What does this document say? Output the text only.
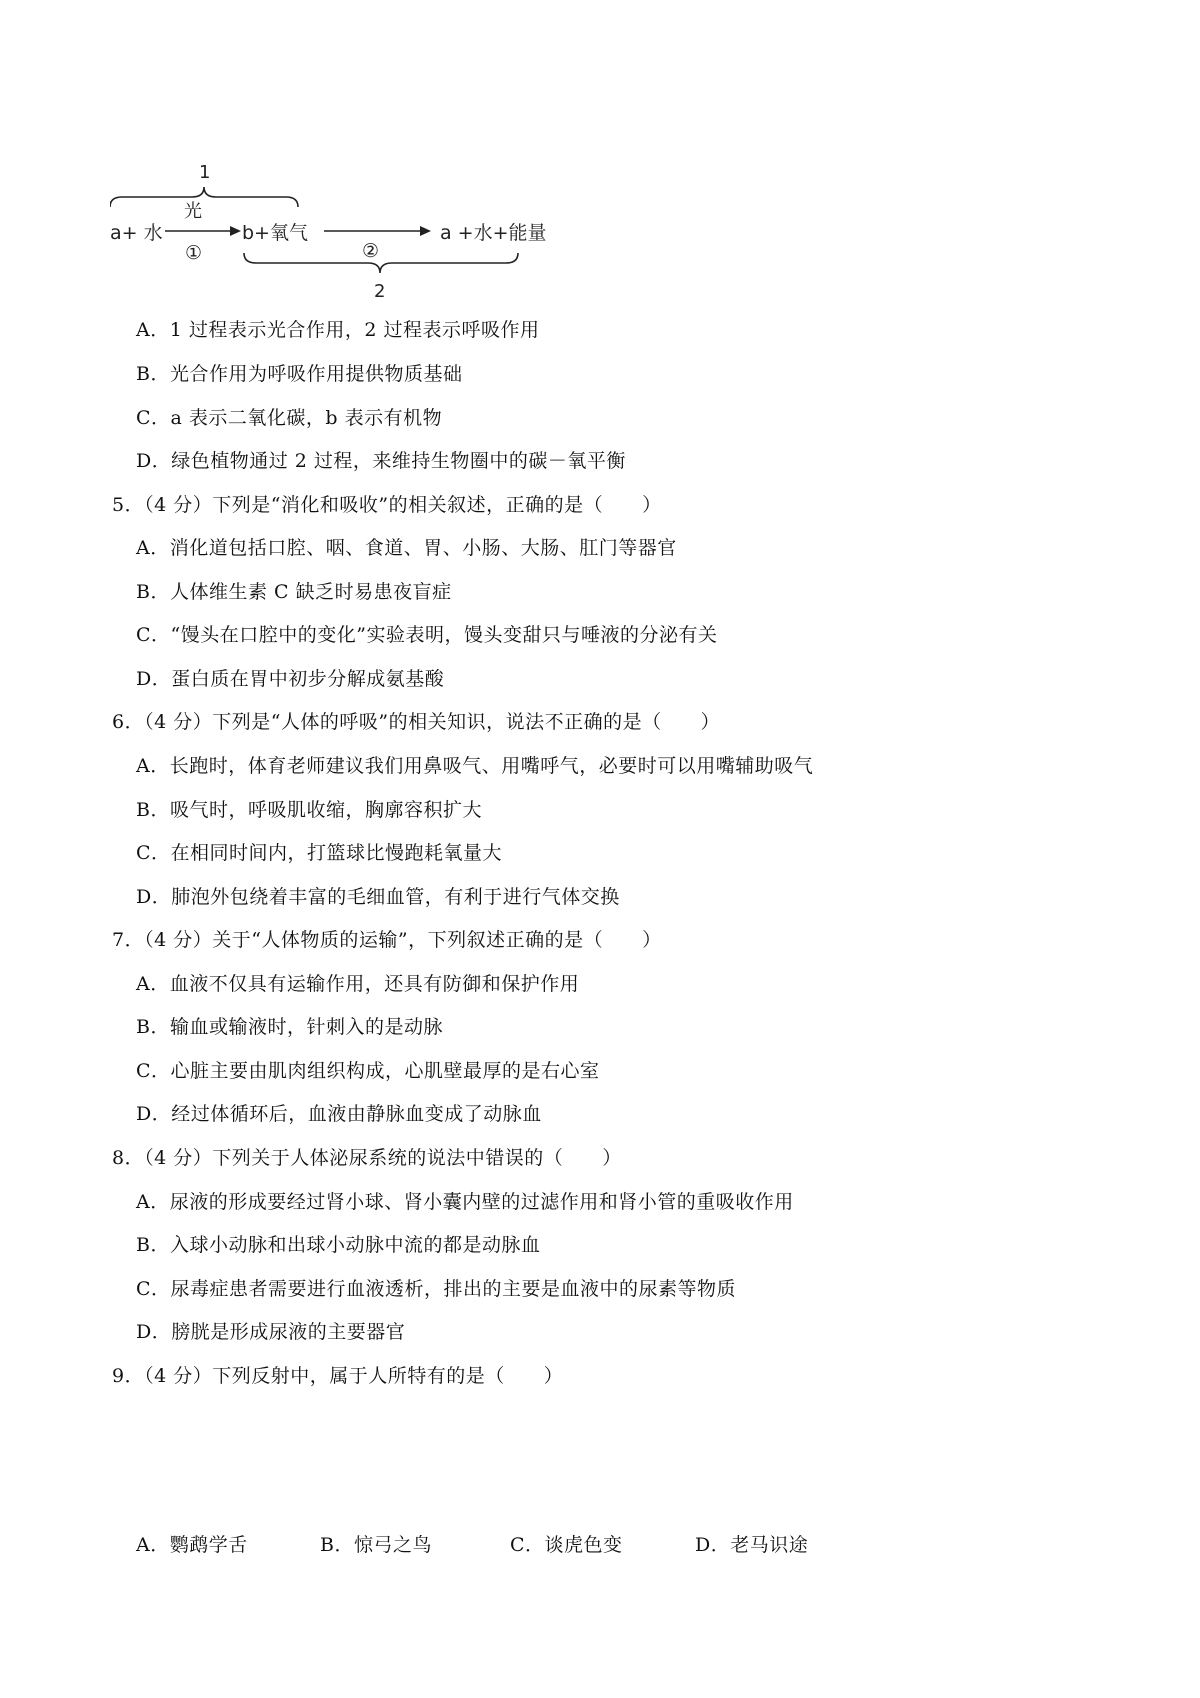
1
a+ 水
光
①
b+氧气
②
a +水+能量
2
A．1 过程表示光合作用，2 过程表示呼吸作用
B．光合作用为呼吸作用提供物质基础
C．a 表示二氧化碳，b 表示有机物
D．绿色植物通过 2 过程，来维持生物圈中的碳－氧平衡
5．（4 分）下列是“消化和吸收”的相关叙述，正确的是（　　）
A．消化道包括口腔、咽、食道、胃、小肠、大肠、肛门等器官
B．人体维生素 C 缺乏时易患夜盲症
C．“馒头在口腔中的变化”实验表明，馒头变甜只与唾液的分泌有关
D．蛋白质在胃中初步分解成氨基酸
6．（4 分）下列是“人体的呼吸”的相关知识，说法不正确的是（　　）
A．长跑时，体育老师建议我们用鼻吸气、用嘴呼气，必要时可以用嘴辅助吸气
B．吸气时，呼吸肌收缩，胸廓容积扩大
C．在相同时间内，打篮球比慢跑耗氧量大
D．肺泡外包绕着丰富的毛细血管，有利于进行气体交换
7．（4 分）关于“人体物质的运输”，下列叙述正确的是（　　）
A．血液不仅具有运输作用，还具有防御和保护作用
B．输血或输液时，针刺入的是动脉
C．心脏主要由肌肉组织构成，心肌壁最厚的是右心室
D．经过体循环后，血液由静脉血变成了动脉血
8．（4 分）下列关于人体泌尿系统的说法中错误的（　　）
A．尿液的形成要经过肾小球、肾小囊内壁的过滤作用和肾小管的重吸收作用
B．入球小动脉和出球小动脉中流的都是动脉血
C．尿毒症患者需要进行血液透析，排出的主要是血液中的尿素等物质
D．膀胱是形成尿液的主要器官
9．（4 分）下列反射中，属于人所特有的是（　　）
A．鹦鹉学舌	B．惊弓之鸟	C．谈虎色变	D．老马识途
